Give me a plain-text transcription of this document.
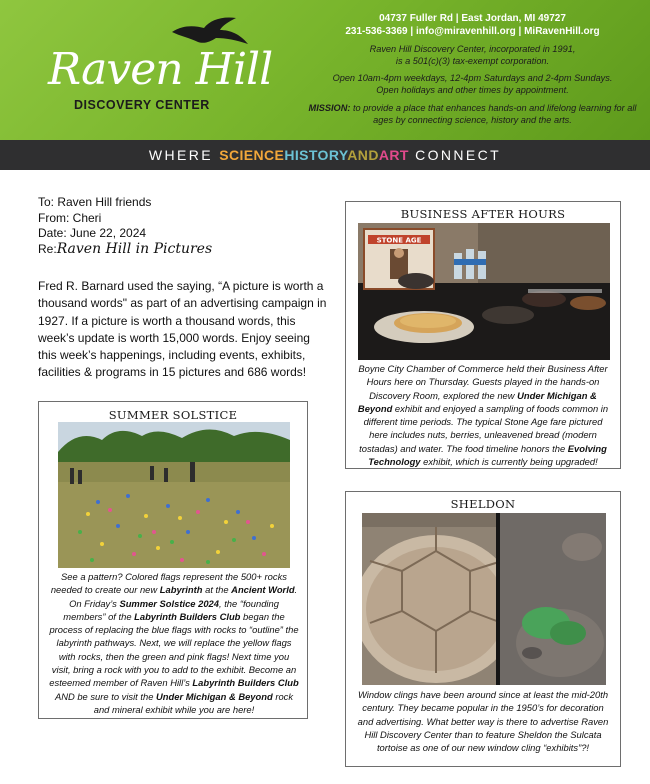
Raven Hill
DISCOVERY CENTER
04737 Fuller Rd | East Jordan, MI 49727
231-536-3369 | info@miravenhill.org | MiRavenHill.org
Raven Hill Discovery Center, incorporated in 1991,
is a 501(c)(3) tax-exempt corporation.
Open 10am-4pm weekdays, 12-4pm Saturdays and 2-4pm Sundays.
Open holidays and other times by appointment.
MISSION: to provide a place that enhances hands-on and lifelong learning for all ages by connecting science, history and the arts.
WHERE SCIENCEHISTORYANDART CONNECT
To: Raven Hill friends
From: Cheri
Date: June 22, 2024
Re:Raven Hill in Pictures
Fred R. Barnard used the saying, “A picture is worth a thousand words" as part of an advertising campaign in 1927. If a picture is worth a thousand words, this week’s update is worth 15,000 words. Enjoy seeing this week’s happenings, including events, exhibits, facilities & programs in 15 pictures and 686 words!
BUSINESS AFTER HOURS
STONE AGE
Boyne City Chamber of Commerce held their Business After Hours here on Thursday. Guests played in the hands-on Discovery Room, explored the new Under Michigan & Beyond exhibit and enjoyed a sampling of foods common in different time periods. The typical Stone Age fare pictured here includes nuts, berries, unleavened bread (modern tostadas) and water. The food timeline honors the Evolving Technology exhibit, which is currently being upgraded!
SUMMER SOLSTICE
See a pattern? Colored flags represent the 500+ rocks needed to create our new Labyrinth at the Ancient World. On Friday’s Summer Solstice 2024, the “founding members” of the Labyrinth Builders Club began the process of replacing the blue flags with rocks to “outline” the labyrinth pathways. Next, we will replace the yellow flags with rocks, then the green and pink flags! Next time you visit, bring a rock with you to add to the exhibit. Become an esteemed member of Raven Hill’s Labyrinth Builders Club AND be sure to visit the Under Michigan & Beyond rock and mineral exhibit while you are here!
SHELDON
Window clings have been around since at least the mid-20th century. They became popular in the 1950’s for decoration and advertising. What better way is there to advertise Raven Hill Discovery Center than to feature Sheldon the Sulcata tortoise as one of our new window cling “exhibits”?!
